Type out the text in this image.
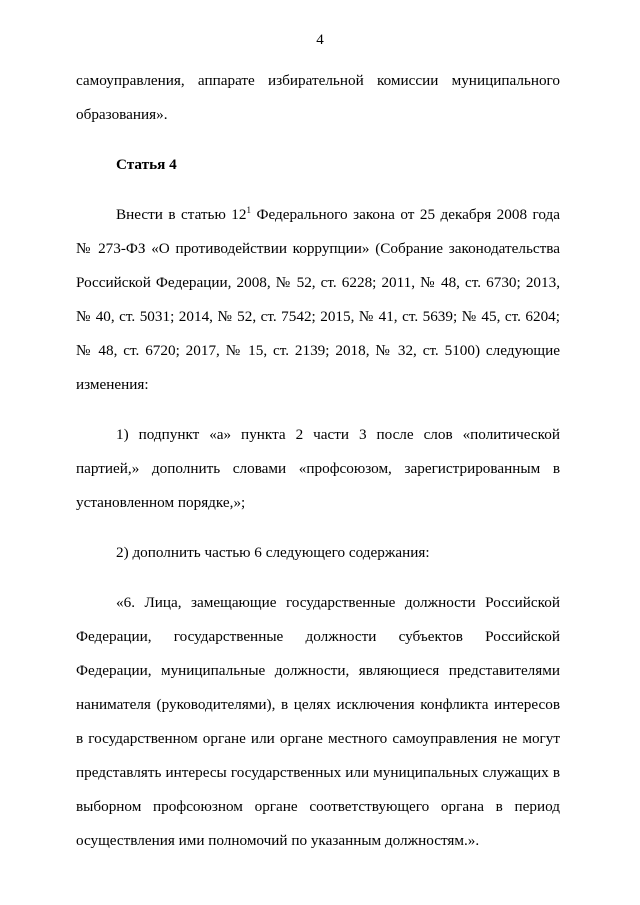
4

самоуправления, аппарате избирательной комиссии муниципального образования».

Статья 4

Внести в статью $12^1$ Федерального закона от 25 декабря 2008 года № 273-ФЗ «О противодействии коррупции» (Собрание законодательства Российской Федерации, 2008, № 52, ст. 6228; 2011, № 48, ст. 6730; 2013, № 40, ст. 5031; 2014, № 52, ст. 7542; 2015, № 41, ст. 5639; № 45, ст. 6204; № 48, ст. 6720; 2017, № 15, ст. 2139; 2018, № 32, ст. 5100) следующие изменения:

1) подпункт «а» пункта 2 части 3 после слов «политической партией,» дополнить словами «профсоюзом, зарегистрированным в установленном порядке,»;

2) дополнить частью 6 следующего содержания:

«6. Лица, замещающие государственные должности Российской Федерации, государственные должности субъектов Российской Федерации, муниципальные должности, являющиеся представителями нанимателя (руководителями), в целях исключения конфликта интересов в государственном органе или органе местного самоуправления не могут представлять интересы государственных или муниципальных служащих в выборном профсоюзном органе соответствующего органа в период осуществления ими полномочий по указанным должностям.».
